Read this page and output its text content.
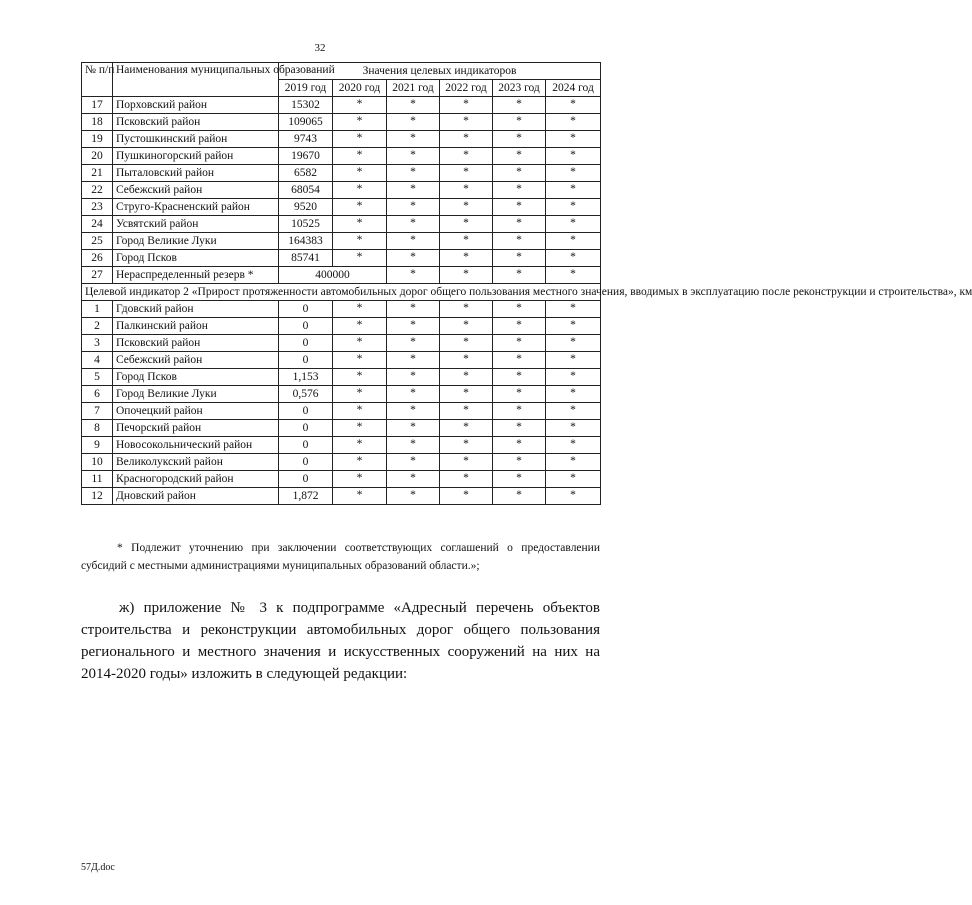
32
№ п/п	Наименования муниципальных образований	Значения целевых индикаторов					
		2019 год	2020 год	2021 год	2022 год	2023 год	2024 год
17	Порховский район	15302	*	*	*	*	*
18	Псковский район	109065	*	*	*	*	*
19	Пустошкинский район	9743	*	*	*	*	*
20	Пушкиногорский район	19670	*	*	*	*	*
21	Пыталовский район	6582	*	*	*	*	*
22	Себежский район	68054	*	*	*	*	*
23	Струго-Красненский район	9520	*	*	*	*	*
24	Усвятский район	10525	*	*	*	*	*
25	Город Великие Луки	164383	*	*	*	*	*
26	Город Псков	85741	*	*	*	*	*
27	Нераспределенный резерв *	400000		*	*	*	*
Целевой индикатор 2 «Прирост протяженности автомобильных дорог общего пользования местного значения, вводимых в эксплуатацию после реконструкции и строительства», км							
1	Гдовский район	0	*	*	*	*	*
2	Палкинский район	0	*	*	*	*	*
3	Псковский район	0	*	*	*	*	*
4	Себежский район	0	*	*	*	*	*
5	Город Псков	1,153	*	*	*	*	*
6	Город Великие Луки	0,576	*	*	*	*	*
7	Опочецкий район	0	*	*	*	*	*
8	Печорский район	0	*	*	*	*	*
9	Новосокольнический район	0	*	*	*	*	*
10	Великолукский район	0	*	*	*	*	*
11	Красногородский район	0	*	*	*	*	*
12	Дновский район	1,872	*	*	*	*	*

* Подлежит уточнению при заключении соответствующих соглашений о предоставлении субсидий с местными администрациями муниципальных образований области.»;

ж) приложение № 3 к подпрограмме «Адресный перечень объектов строительства и реконструкции автомобильных дорог общего пользования регионального и местного значения и искусственных сооружений на них на 2014-2020 годы» изложить в следующей редакции:

57Д.doc
